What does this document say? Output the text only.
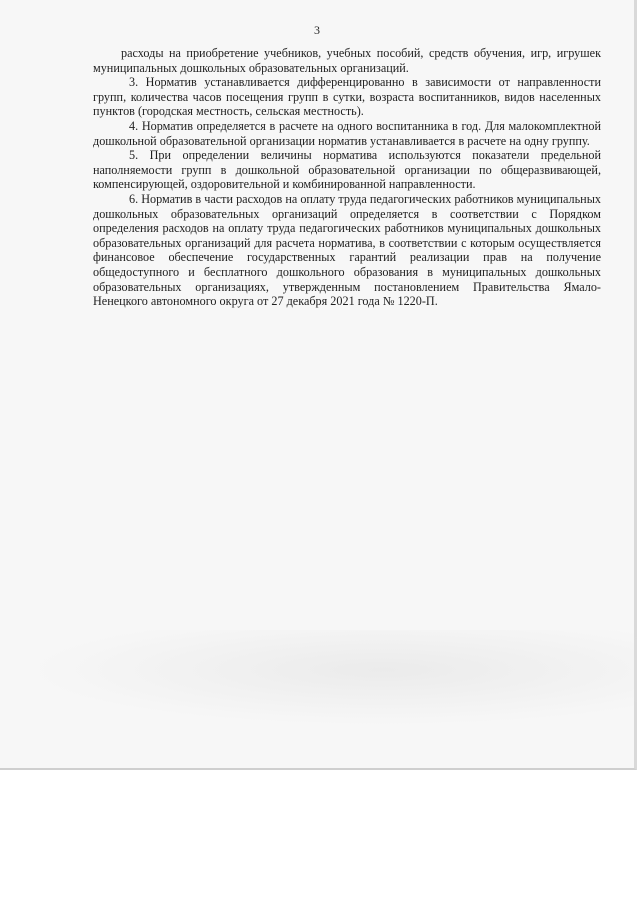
3

расходы на приобретение учебников, учебных пособий, средств обучения, игр, игрушек муниципальных дошкольных образовательных организаций.

3. Норматив устанавливается дифференцированно в зависимости от направленности групп, количества часов посещения групп в сутки, возраста воспитанников, видов населенных пунктов (городская местность, сельская местность).

4. Норматив определяется в расчете на одного воспитанника в год. Для малокомплектной дошкольной образовательной организации норматив устанавливается в расчете на одну группу.

5. При определении величины норматива используются показатели предельной наполняемости групп в дошкольной образовательной организации по общеразвивающей, компенсирующей, оздоровительной и комбинированной направленности.

6. Норматив в части расходов на оплату труда педагогических работников муниципальных дошкольных образовательных организаций определяется в соответствии с Порядком определения расходов на оплату труда педагогических работников муниципальных дошкольных образовательных организаций для расчета норматива, в соответствии с которым осуществляется финансовое обеспечение государственных гарантий реализации прав на получение общедоступного и бесплатного дошкольного образования в муниципальных дошкольных образовательных организациях, утвержденным постановлением Правительства Ямало-Ненецкого автономного округа от 27 декабря 2021 года № 1220-П.
